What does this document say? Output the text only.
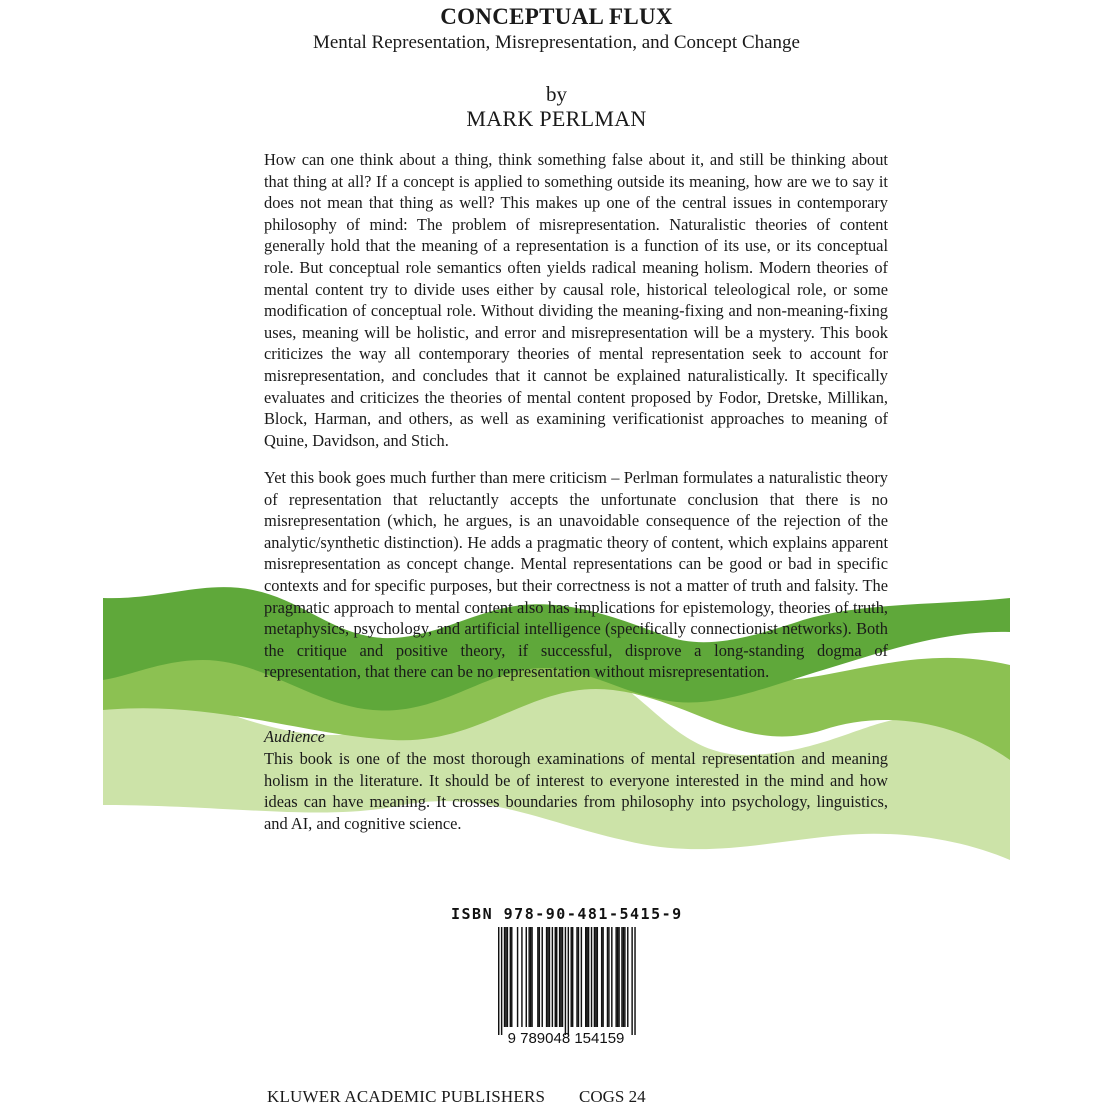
CONCEPTUAL FLUX
Mental Representation, Misrepresentation, and Concept Change
by
MARK PERLMAN

How can one think about a thing, think something false about it, and still be thinking about that thing at all? If a concept is applied to something outside its meaning, how are we to say it does not mean that thing as well? This makes up one of the central issues in contemporary philosophy of mind: The problem of misrepresentation. Naturalistic theories of content generally hold that the meaning of a representation is a function of its use, or its conceptual role. But conceptual role semantics often yields radical meaning holism. Modern theories of mental content try to divide uses either by causal role, historical teleological role, or some modification of conceptual role. Without dividing the meaning-fixing and non-meaning-fixing uses, meaning will be holistic, and error and misrepresentation will be a mystery. This book criticizes the way all contemporary theories of mental representation seek to account for misrepresentation, and concludes that it cannot be explained naturalistically. It specifically evaluates and criticizes the theories of mental content proposed by Fodor, Dretske, Millikan, Block, Harman, and others, as well as examining verificationist approaches to meaning of Quine, Davidson, and Stich.

Yet this book goes much further than mere criticism – Perlman formulates a naturalistic theory of representation that reluctantly accepts the unfortunate conclusion that there is no misrepresentation (which, he argues, is an unavoidable consequence of the rejection of the analytic/synthetic distinction). He adds a pragmatic theory of content, which explains apparent misrepresentation as concept change. Mental representations can be good or bad in specific contexts and for specific purposes, but their correctness is not a matter of truth and falsity. The pragmatic approach to mental content also has implications for epistemology, theories of truth, metaphysics, psychology, and artificial intelligence (specifically connectionist networks). Both the critique and positive theory, if successful, disprove a long-standing dogma of representation, that there can be no representation without misrepresentation.

Audience

This book is one of the most thorough examinations of mental representation and meaning holism in the literature. It should be of interest to everyone interested in the mind and how ideas can have meaning. It crosses boundaries from philosophy into psychology, linguistics, and AI, and cognitive science.

ISBN 978-90-481-5415-9
9 789048 154159
KLUWER ACADEMIC PUBLISHERS COGS 24
